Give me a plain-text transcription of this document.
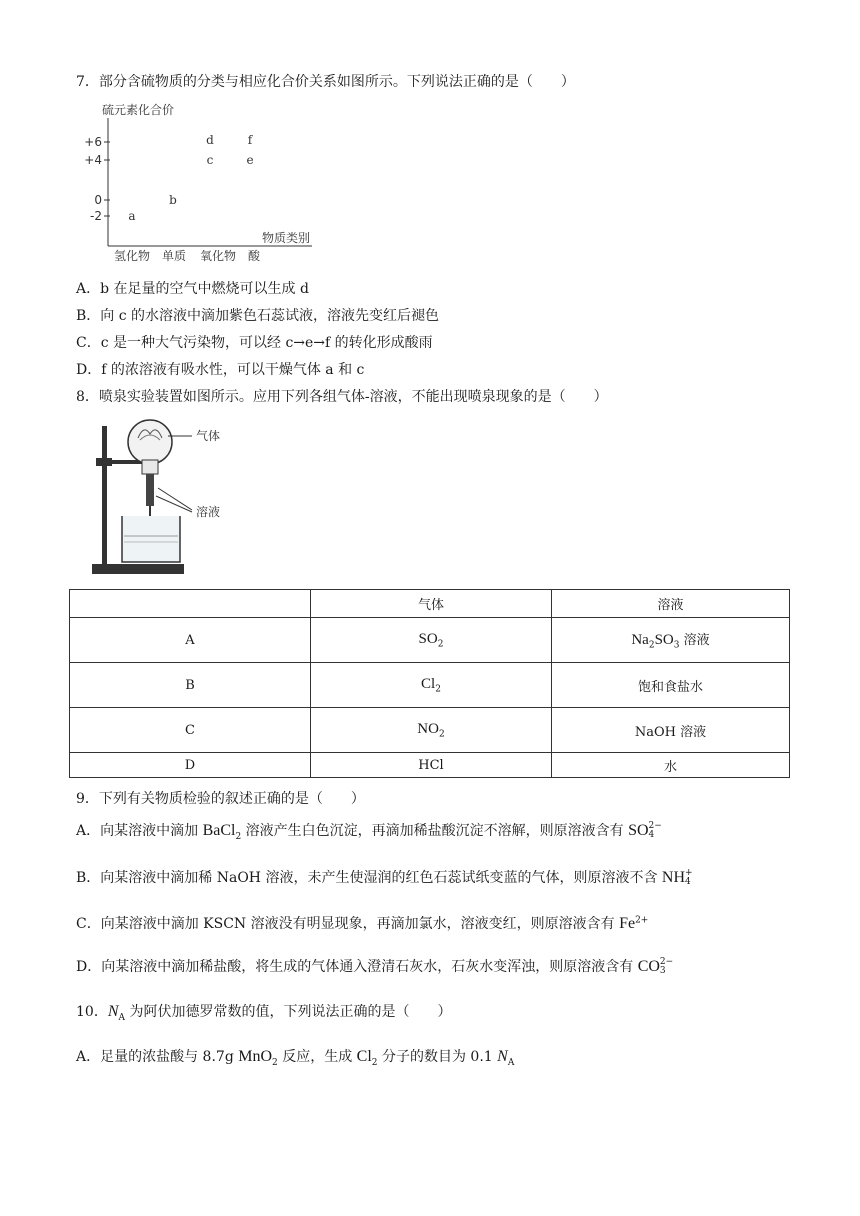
7．部分含硫物质的分类与相应化合价关系如图所示。下列说法正确的是（　　）
硫元素化合价
+6
+4
0
-2 a
b
c
d
e
f
物质类别
氢化物 单质 氧化物 酸
A．b 在足量的空气中燃烧可以生成 d
B．向 c 的水溶液中滴加紫色石蕊试液，溶液先变红后褪色
C．c 是一种大气污染物，可以经 c→e→f 的转化形成酸雨
D．f 的浓溶液有吸水性，可以干燥气体 a 和 c
8．喷泉实验装置如图所示。应用下列各组气体-溶液，不能出现喷泉现象的是（　　）
气体
溶液
	气体	溶液
A	$SO_2$	$Na_2SO_3$ 溶液
B	$Cl_2$	饱和食盐水
C	$NO_2$	NaOH 溶液
D	HCl	水
9．下列有关物质检验的叙述正确的是（　　）
A．向某溶液中滴加 BaCl$_2$ 溶液产生白色沉淀，再滴加稀盐酸沉淀不溶解，则原溶液含有 SO 2−
4
B．向某溶液中滴加稀 NaOH 溶液，未产生使湿润的红色石蕊试纸变蓝的气体，则原溶液不含 NH +
4
C．向某溶液中滴加 KSCN 溶液没有明显现象，再滴加氯水，溶液变红，则原溶液含有 $Fe^{2+}$
D．向某溶液中滴加稀盐酸，将生成的气体通入澄清石灰水，石灰水变浑浊，则原溶液含有 CO 2−
3
10．$N_A$ 为阿伏加德罗常数的值，下列说法正确的是（　　）
A．足量的浓盐酸与 8.7g MnO$_2$ 反应，生成 $Cl_2$ 分子的数目为 0.1 $N_A$
